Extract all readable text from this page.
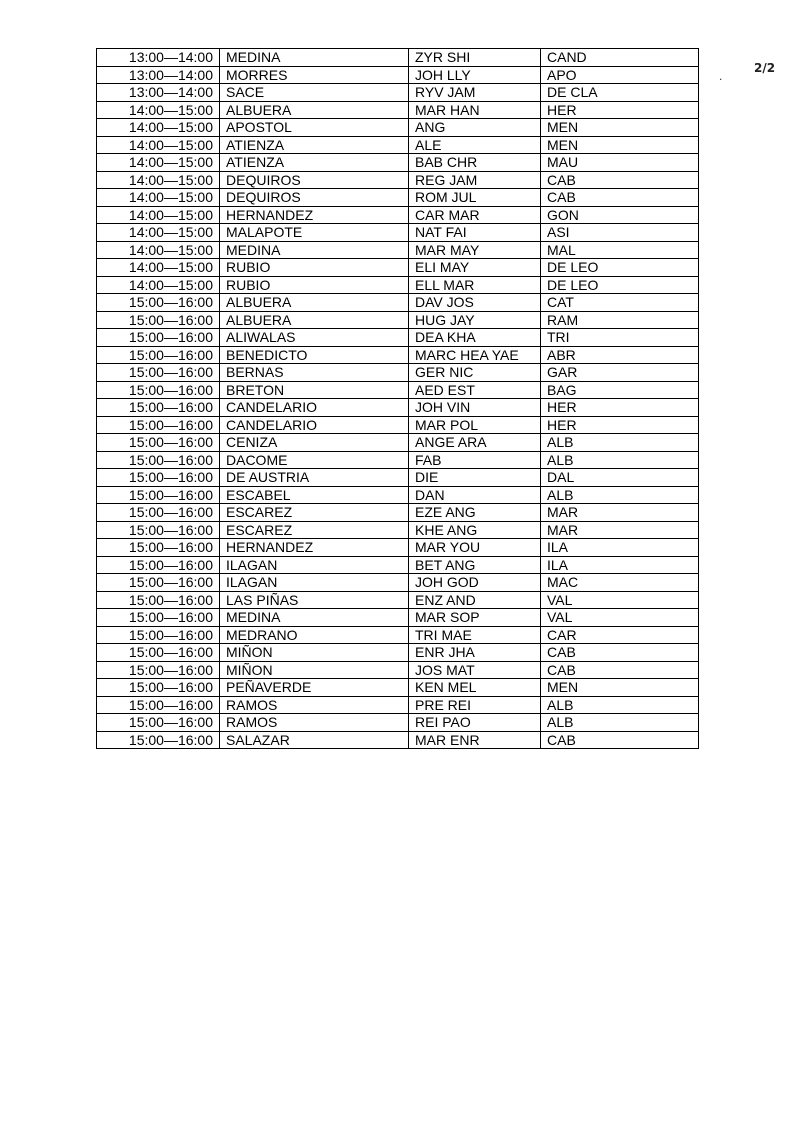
2/2
.
13:00—14:00	MEDINA	ZYR SHI	CAND
13:00—14:00	MORRES	JOH LLY	APO
13:00—14:00	SACE	RYV JAM	DE CLA
14:00—15:00	ALBUERA	MAR HAN	HER
14:00—15:00	APOSTOL	ANG	MEN
14:00—15:00	ATIENZA	ALE	MEN
14:00—15:00	ATIENZA	BAB CHR	MAU
14:00—15:00	DEQUIROS	REG JAM	CAB
14:00—15:00	DEQUIROS	ROM JUL	CAB
14:00—15:00	HERNANDEZ	CAR MAR	GON
14:00—15:00	MALAPOTE	NAT FAI	ASI
14:00—15:00	MEDINA	MAR MAY	MAL
14:00—15:00	RUBIO	ELI MAY	DE LEO
14:00—15:00	RUBIO	ELL MAR	DE LEO
15:00—16:00	ALBUERA	DAV JOS	CAT
15:00—16:00	ALBUERA	HUG JAY	RAM
15:00—16:00	ALIWALAS	DEA KHA	TRI
15:00—16:00	BENEDICTO	MARC HEA YAE	ABR
15:00—16:00	BERNAS	GER NIC	GAR
15:00—16:00	BRETON	AED EST	BAG
15:00—16:00	CANDELARIO	JOH VIN	HER
15:00—16:00	CANDELARIO	MAR POL	HER
15:00—16:00	CENIZA	ANGE ARA	ALB
15:00—16:00	DACOME	FAB	ALB
15:00—16:00	DE AUSTRIA	DIE	DAL
15:00—16:00	ESCABEL	DAN	ALB
15:00—16:00	ESCAREZ	EZE ANG	MAR
15:00—16:00	ESCAREZ	KHE ANG	MAR
15:00—16:00	HERNANDEZ	MAR YOU	ILA
15:00—16:00	ILAGAN	BET ANG	ILA
15:00—16:00	ILAGAN	JOH GOD	MAC
15:00—16:00	LAS PIÑAS	ENZ AND	VAL
15:00—16:00	MEDINA	MAR SOP	VAL
15:00—16:00	MEDRANO	TRI MAE	CAR
15:00—16:00	MIÑON	ENR JHA	CAB
15:00—16:00	MIÑON	JOS MAT	CAB
15:00—16:00	PEÑAVERDE	KEN MEL	MEN
15:00—16:00	RAMOS	PRE REI	ALB
15:00—16:00	RAMOS	REI PAO	ALB
15:00—16:00	SALAZAR	MAR ENR	CAB
